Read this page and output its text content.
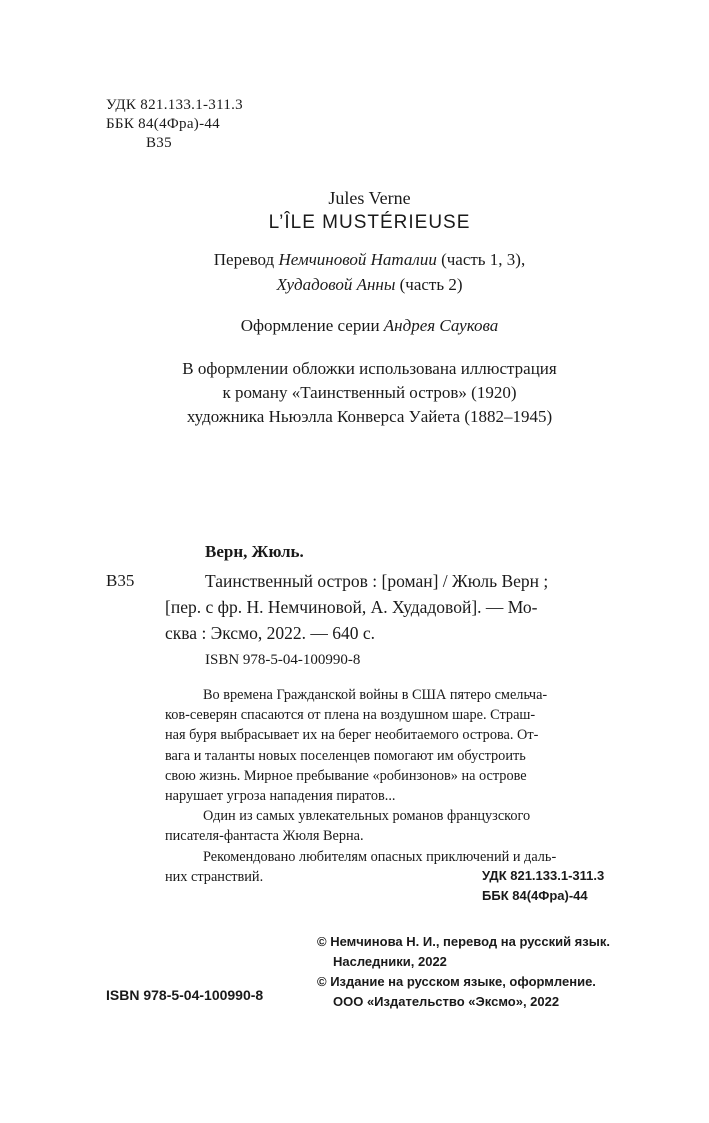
УДК 821.133.1-311.3
ББК 84(4Фра)-44
В35
Jules Verne
L’ÎLE MUSTÉRIEUSE
Перевод Немчиновой Наталии (часть 1, 3),
Худадовой Анны (часть 2)
Оформление серии Андрея Саукова
В оформлении обложки использована иллюстрация
к роману «Таинственный остров» (1920)
художника Ньюэлла Конверса Уайета (1882–1945)
Верн, Жюль.
В35	Таинственный остров : [роман] / Жюль Верн ;
[пер. с фр. Н. Немчиновой, А. Худадовой]. — Мо-
сква : Эксмо, 2022. — 640 с.
ISBN 978-5-04-100990-8
Во времена Гражданской войны в США пятеро смельча-
ков-северян спасаются от плена на воздушном шаре. Страш-
ная буря выбрасывает их на берег необитаемого острова. От-
вага и таланты новых поселенцев помогают им обустроить
свою жизнь. Мирное пребывание «робинзонов» на острове
нарушает угроза нападения пиратов...
Один из самых увлекательных романов французского
писателя-фантаста Жюля Верна.
Рекомендовано любителям опасных приключений и даль-
них странствий.	УДК 821.133.1-311.3
ББК 84(4Фра)-44
© Немчинова Н. И., перевод на русский язык.
Наследники, 2022
© Издание на русском языке, оформление.
ООО «Издательство «Эксмо», 2022
ISBN 978-5-04-100990-8
